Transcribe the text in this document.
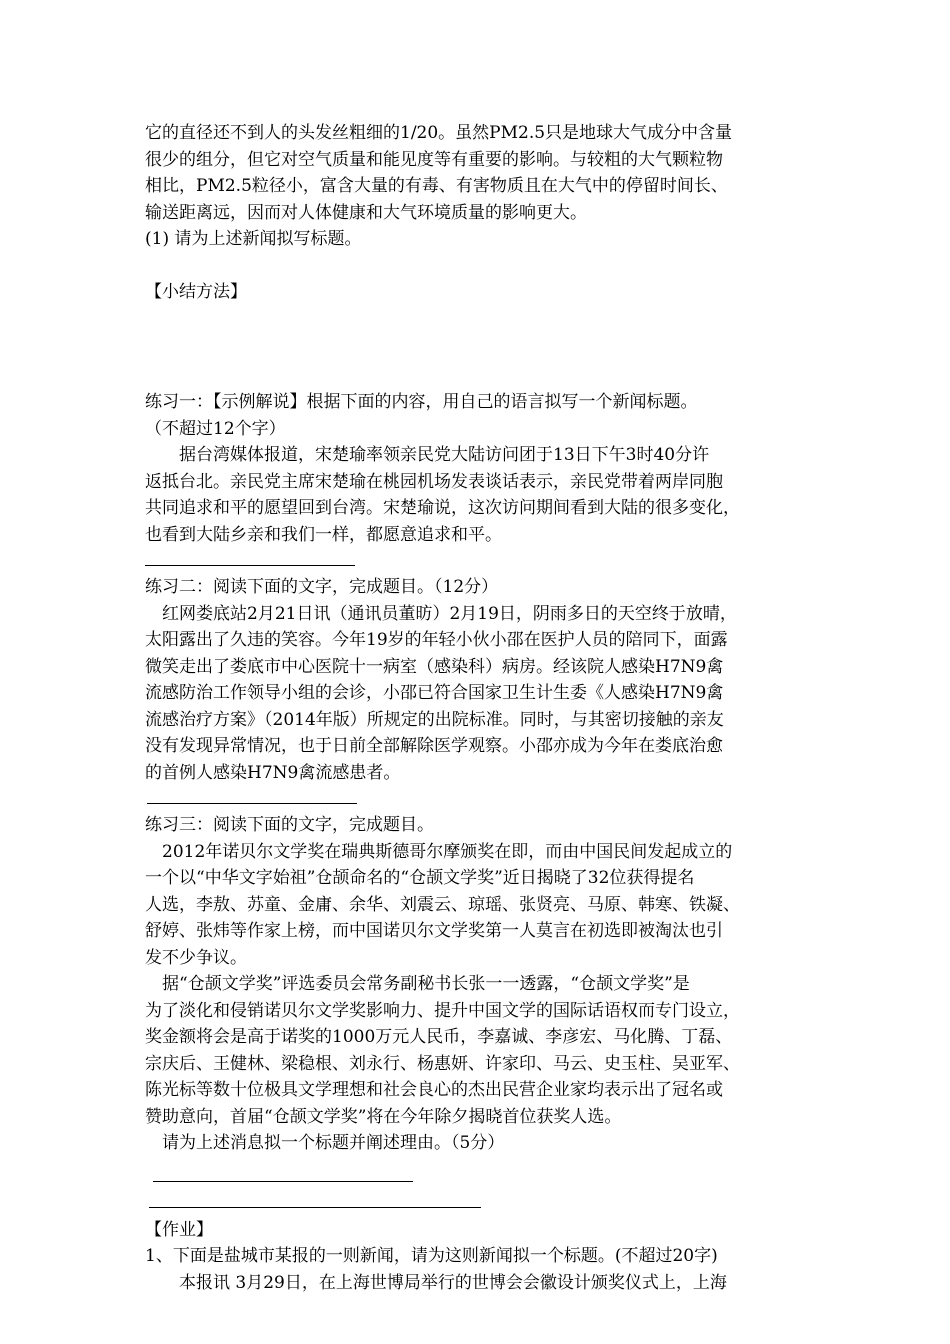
它的直径还不到人的头发丝粗细的1/20。虽然PM2.5只是地球大气成分中含量

很少的组分，但它对空气质量和能见度等有重要的影响。与较粗的大气颗粒物

相比，PM2.5粒径小，富含大量的有毒、有害物质且在大气中的停留时间长、

输送距离远，因而对人体健康和大气环境质量的影响更大。

(1) 请为上述新闻拟写标题。

【小结方法】

练习一：【示例解说】根据下面的内容，用自己的语言拟写一个新闻标题。

（不超过12个字）

据台湾媒体报道，宋楚瑜率领亲民党大陆访问团于13日下午3时40分许

返抵台北。亲民党主席宋楚瑜在桃园机场发表谈话表示，亲民党带着两岸同胞

共同追求和平的愿望回到台湾。宋楚瑜说，这次访问期间看到大陆的很多变化，

也看到大陆乡亲和我们一样，都愿意追求和平。

练习二：阅读下面的文字，完成题目。（12分）

红网娄底站2月21日讯（通讯员董昉）2月19日，阴雨多日的天空终于放晴，

太阳露出了久违的笑容。今年19岁的年轻小伙小邵在医护人员的陪同下，面露

微笑走出了娄底市中心医院十一病室（感染科）病房。经该院人感染H7N9禽

流感防治工作领导小组的会诊，小邵已符合国家卫生计生委《人感染H7N9禽

流感治疗方案》（2014年版）所规定的出院标准。同时，与其密切接触的亲友

没有发现异常情况，也于日前全部解除医学观察。小邵亦成为今年在娄底治愈

的首例人感染H7N9禽流感患者。

练习三：阅读下面的文字，完成题目。

2012年诺贝尔文学奖在瑞典斯德哥尔摩颁奖在即，而由中国民间发起成立的

一个以“中华文字始祖”仓颉命名的“仓颉文学奖”近日揭晓了32位获得提名

人选，李敖、苏童、金庸、余华、刘震云、琼瑶、张贤亮、马原、韩寒、铁凝、

舒婷、张炜等作家上榜，而中国诺贝尔文学奖第一人莫言在初选即被淘汰也引

发不少争议。

据“仓颉文学奖”评选委员会常务副秘书长张一一透露，“仓颉文学奖”是

为了淡化和侵销诺贝尔文学奖影响力、提升中国文学的国际话语权而专门设立，

奖金额将会是高于诺奖的1000万元人民币，李嘉诚、李彦宏、马化腾、丁磊、

宗庆后、王健林、梁稳根、刘永行、杨惠妍、许家印、马云、史玉柱、吴亚军、

陈光标等数十位极具文学理想和社会良心的杰出民营企业家均表示出了冠名或

赞助意向，首届“仓颉文学奖”将在今年除夕揭晓首位获奖人选。

请为上述消息拟一个标题并阐述理由。（5分）

【作业】

1、下面是盐城市某报的一则新闻，请为这则新闻拟一个标题。(不超过20字)

本报讯 3月29日，在上海世博局举行的世博会会徽设计颁奖仪式上，上海
